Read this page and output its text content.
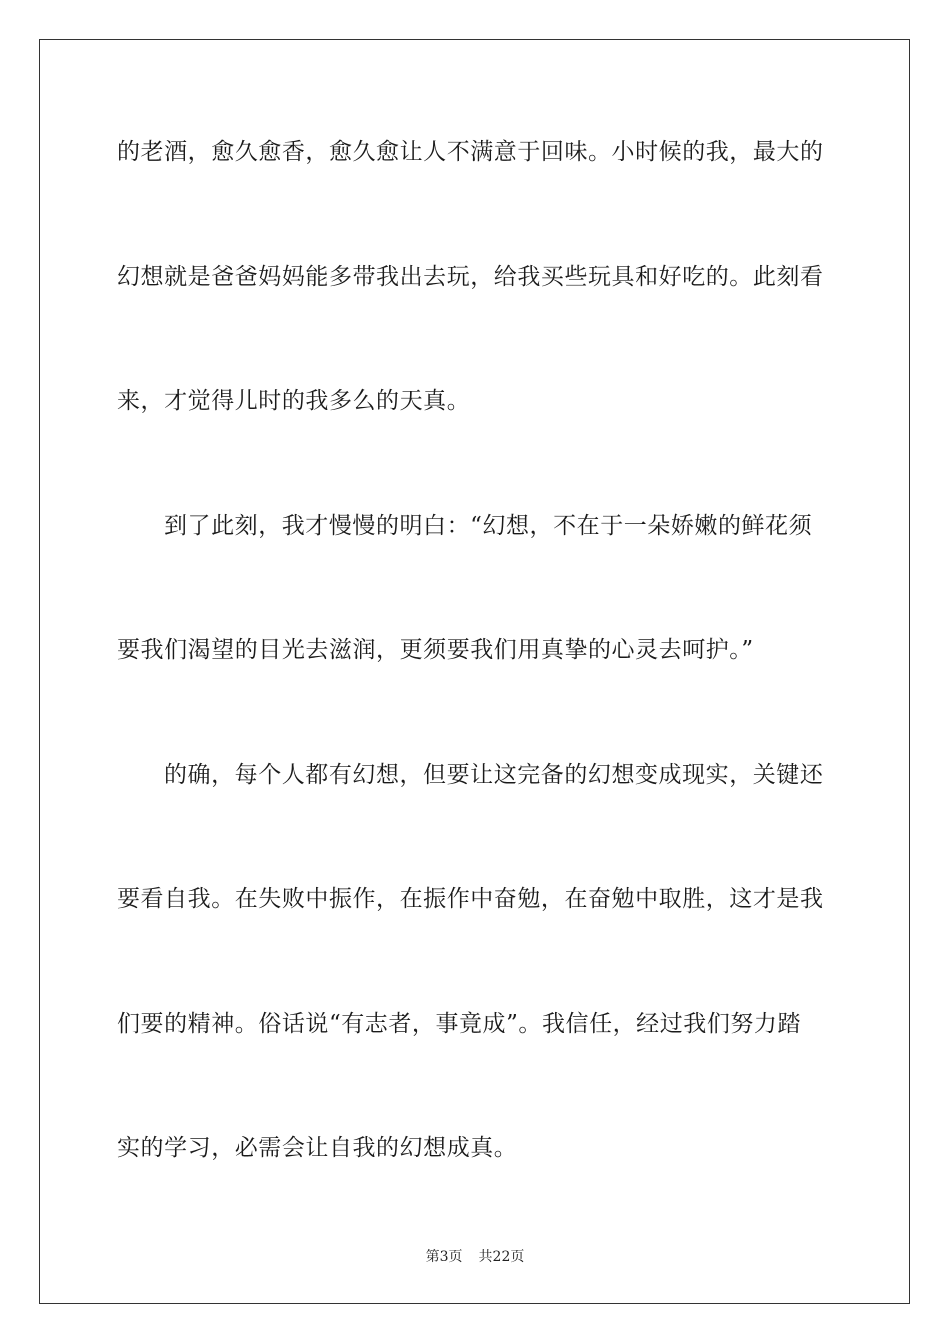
的老酒，愈久愈香，愈久愈让人不满意于回味。小时候的我，最大的
幻想就是爸爸妈妈能多带我出去玩，给我买些玩具和好吃的。此刻看
来，才觉得儿时的我多么的天真。
到了此刻，我才慢慢的明白：“幻想，不在于一朵娇嫩的鲜花须
要我们渴望的目光去滋润，更须要我们用真挚的心灵去呵护。”
的确，每个人都有幻想，但要让这完备的幻想变成现实，关键还
要看自我。在失败中振作，在振作中奋勉，在奋勉中取胜，这才是我
们要的精神。俗话说“有志者，事竟成”。我信任，经过我们努力踏
实的学习，必需会让自我的幻想成真。
第3页 共22页
